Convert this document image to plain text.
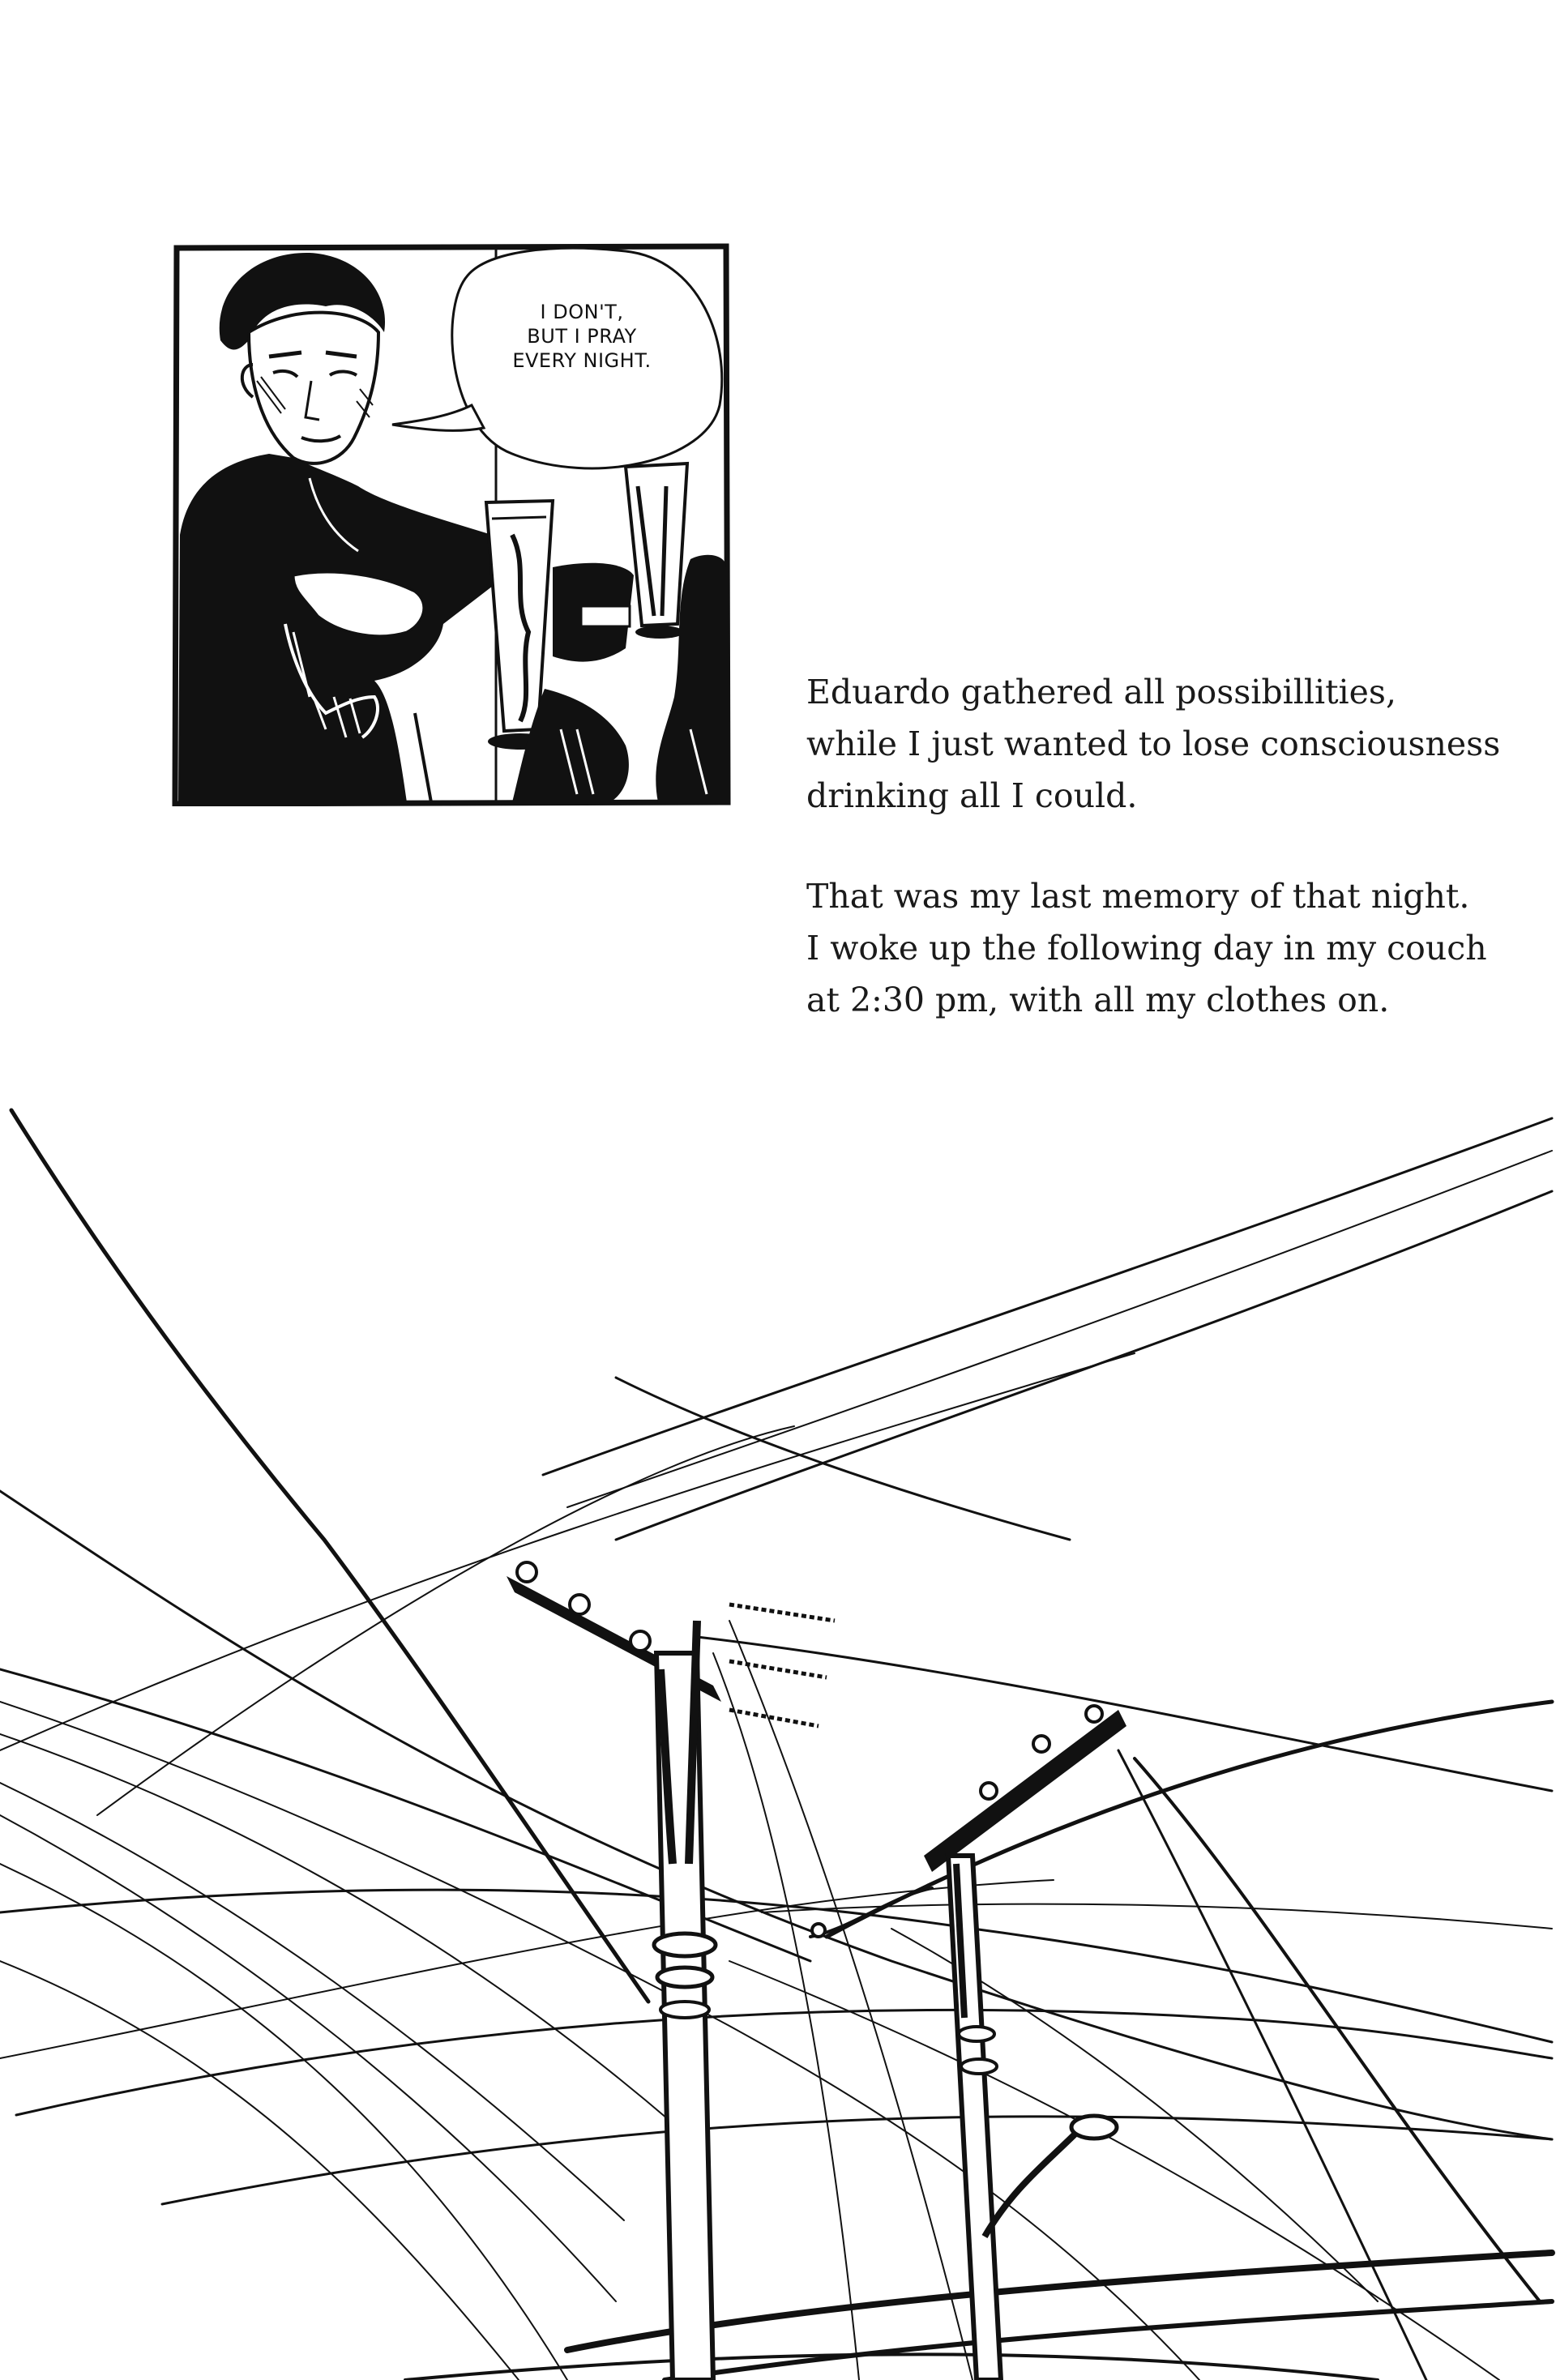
I DON'T,
BUT I PRAY
EVERY NIGHT.

Eduardo gathered all possibillities,
while I just wanted to lose consciousness
drinking all I could.

That was my last memory of that night.
I woke up the following day in my couch
at 2:30 pm, with all my clothes on.
